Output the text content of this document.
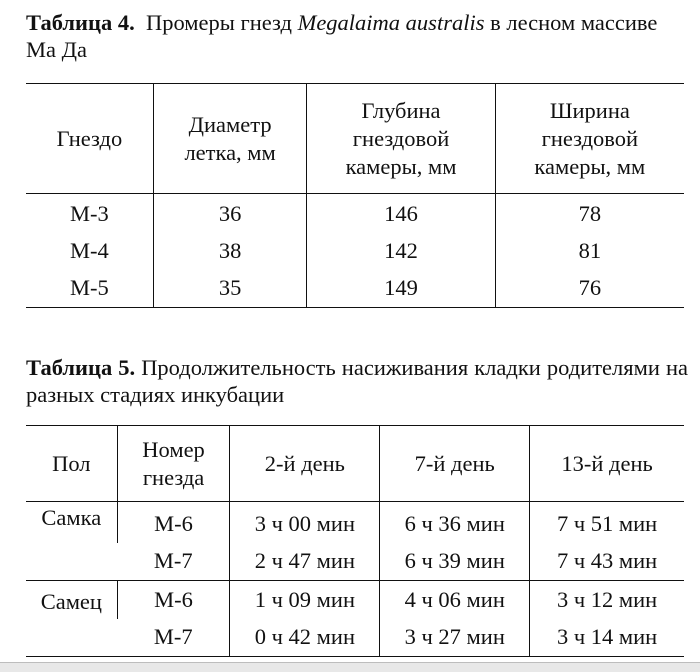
Таблица 4. Промеры гнезд Megalaima australis в лесном массиве Ма Да

Гнездо	Диаметр летка, мм	Глубина гнездовой камеры, мм	Ширина гнездовой камеры, мм

М-3	36	146	78
М-4	38	142	81
М-5	35	149	76

Таблица 5. Продолжительность насиживания кладки родителями на разных стадиях инкубации

Пол	Номер гнезда	2-й день	7-й день	13-й день
Самка	М-6	3 ч 00 мин	6 ч 36 мин	7 ч 51 мин
	М-7	2 ч 47 мин	6 ч 39 мин	7 ч 43 мин
Самец	М-6	1 ч 09 мин	4 ч 06 мин	3 ч 12 мин
	М-7	0 ч 42 мин	3 ч 27 мин	3 ч 14 мин
